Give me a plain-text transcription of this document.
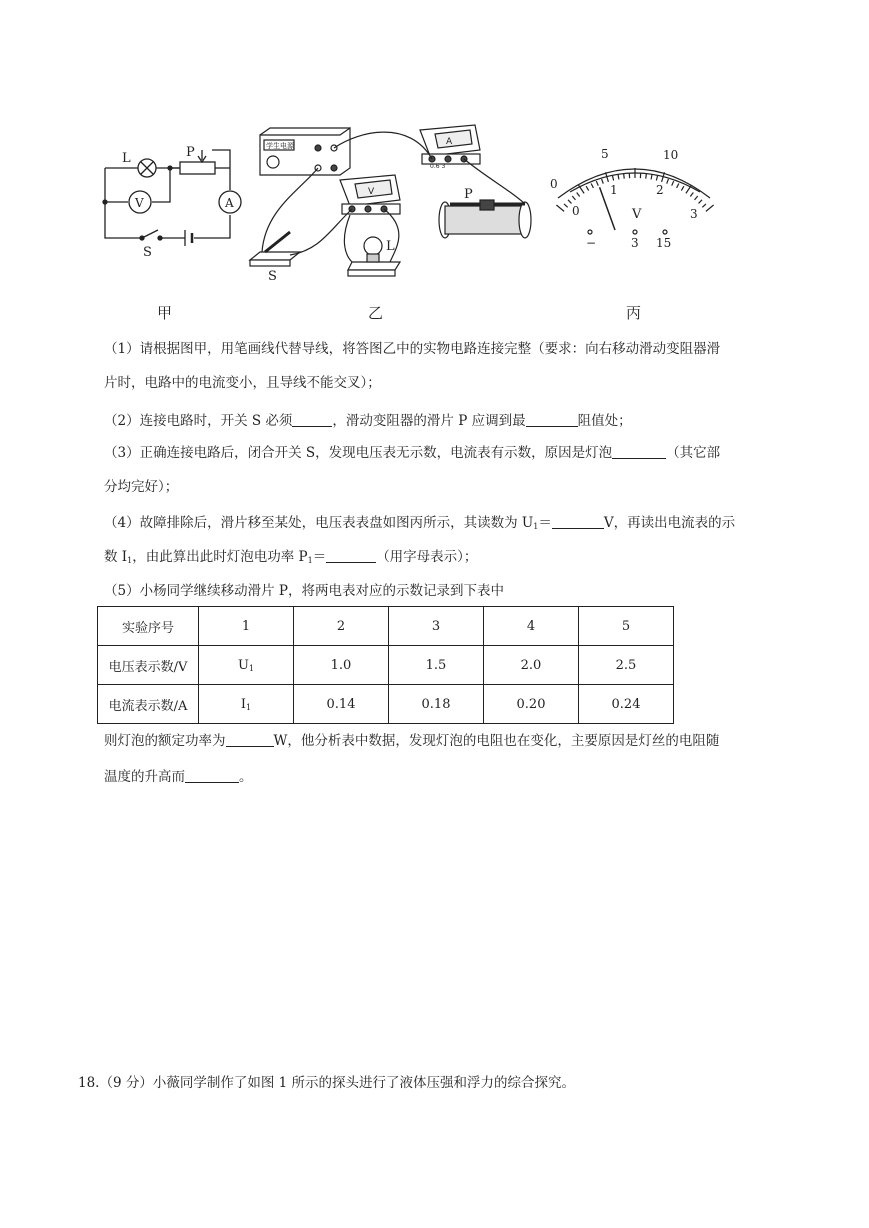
L	P
V	A
S
学生电源	A
V
0.6 3
P
S
L
0
5	10
0
1	2
3
V
−	3 15
甲	乙	丙
（1）请根据图甲，用笔画线代替导线，将答图乙中的实物电路连接完整（要求：向右移动滑动变阻器滑
片时，电路中的电流变小，且导线不能交叉）；
（2）连接电路时，开关 S 必须	，滑动变阻器的滑片 P 应调到最	阻值处；
（3）正确连接电路后，闭合开关 S，发现电压表无示数，电流表有示数，原因是灯泡	（其它部
分均完好）；
（4）故障排除后，滑片移至某处，电压表表盘如图丙所示，其读数为 $U_1=$	V，再读出电流表的示
数 $I_1$，由此算出此时灯泡电功率 $P_1=$	（用字母表示）；
（5）小杨同学继续移动滑片 P，将两电表对应的示数记录到下表中
实验序号	1	2	3	4	5
电压表示数/V	$U_1$	1.0	1.5	2.0	2.5
电流表示数/A	$I_1$	0.14	0.18	0.20	0.24
则灯泡的额定功率为	W，他分析表中数据，发现灯泡的电阻也在变化，主要原因是灯丝的电阻随
温度的升高而	。
18.（9 分）小薇同学制作了如图 1 所示的探头进行了液体压强和浮力的综合探究。
